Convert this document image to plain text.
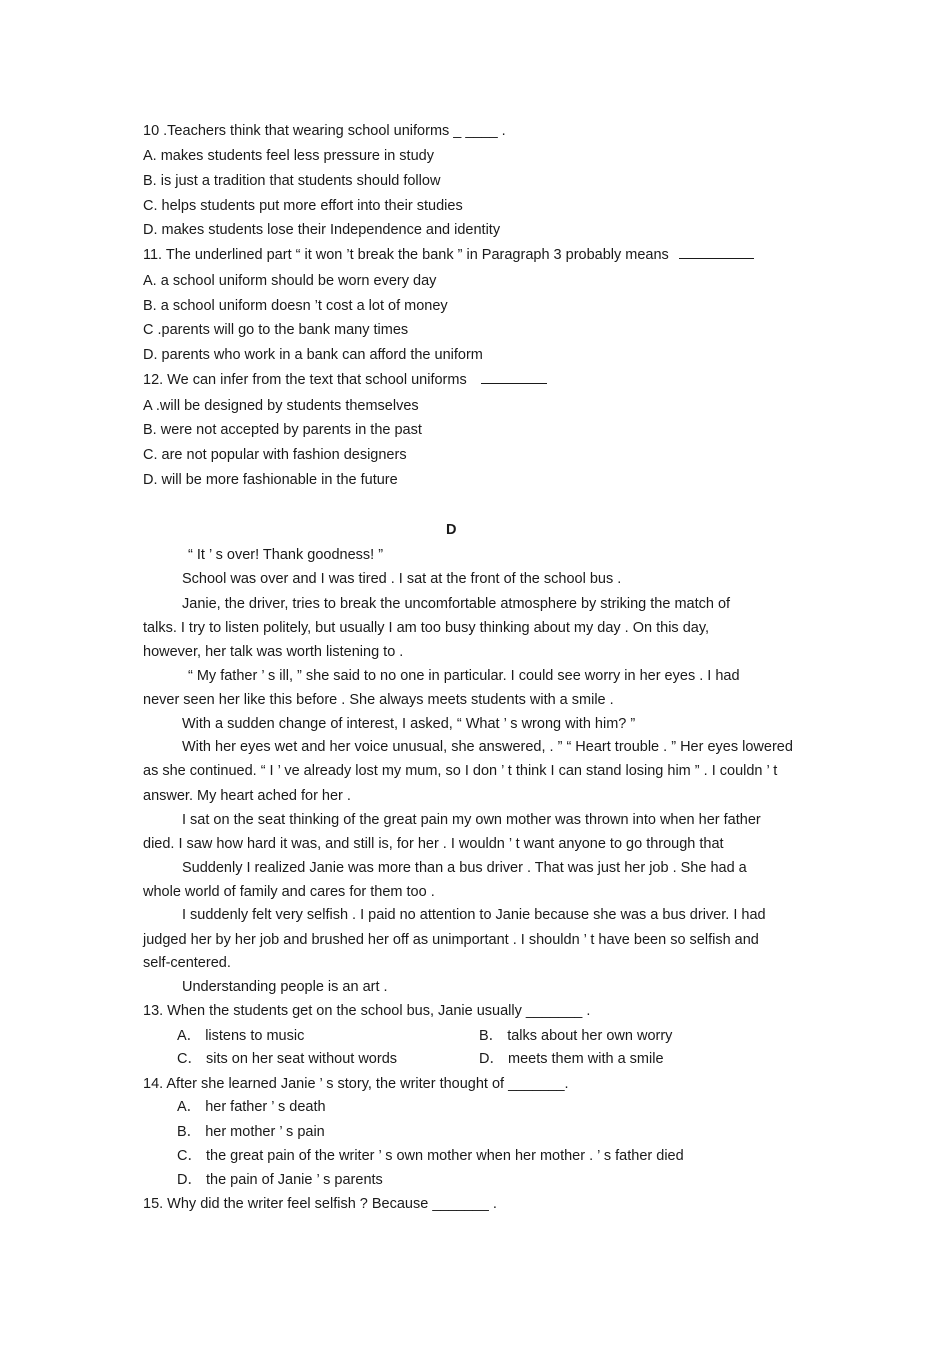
10 .Teachers think that wearing school uniforms _ ____ .
A. makes students feel less pressure in study
B. is just a tradition that students should follow
C. helps students put more effort into their studies
D. makes students lose their Independence and identity
11. The underlined part “ it won ’t break the bank ” in Paragraph 3 probably means
A. a school uniform should be worn every day
B. a school uniform doesn ’t cost a lot of money
C .parents will go to the bank many times
D. parents who work in a bank can afford the uniform
12. We can infer from the text that school uniforms
A .will be designed by students themselves
B. were not accepted by parents in the past
C. are not popular with fashion designers
D. will be more fashionable in the future
D
“ It ’ s over! Thank goodness! ”
School was over and I was tired . I sat at the front of the school bus .
Janie, the driver, tries to break the uncomfortable atmosphere by striking the match of
talks. I try to listen politely, but usually I am too busy thinking about my day . On this day,
however, her talk was worth listening to .
“ My father ’ s ill, ” she said to no one in particular. I could see worry in her eyes . I had
never seen her like this before . She always meets students with a smile .
With a sudden change of interest, I asked, “ What ’ s wrong with him? ”
With her eyes wet and her voice unusual, she answered, . ” “ Heart trouble . ” Her eyes lowered
as she continued. “ I ’ ve already lost my mum, so I don ’ t think I can stand losing him ” . I couldn ’ t
answer. My heart ached for her .
I sat on the seat thinking of the great pain my own mother was thrown into when her father
died. I saw how hard it was, and still is, for her . I wouldn ’ t want anyone to go through that
Suddenly I realized Janie was more than a bus driver . That was just her job . She had a
whole world of family and cares for them too .
I suddenly felt very selfish . I paid no attention to Janie because she was a bus driver. I had
judged her by her job and brushed her off as unimportant . I shouldn ’ t have been so selfish and
self-centered.
Understanding people is an art .
13. When the students get on the school bus, Janie usually _______ .
A． listens to music	B． talks about her own worry
C． sits on her seat without words	D． meets them with a smile
14. After she learned Janie ’ s story, the writer thought of _______.
A． her father ’ s death
B． her mother ’ s pain
C． the great pain of the writer ’ s own mother when her mother . ’ s father died
D． the pain of Janie ’ s parents
15. Why did the writer feel selfish ? Because _______ .
